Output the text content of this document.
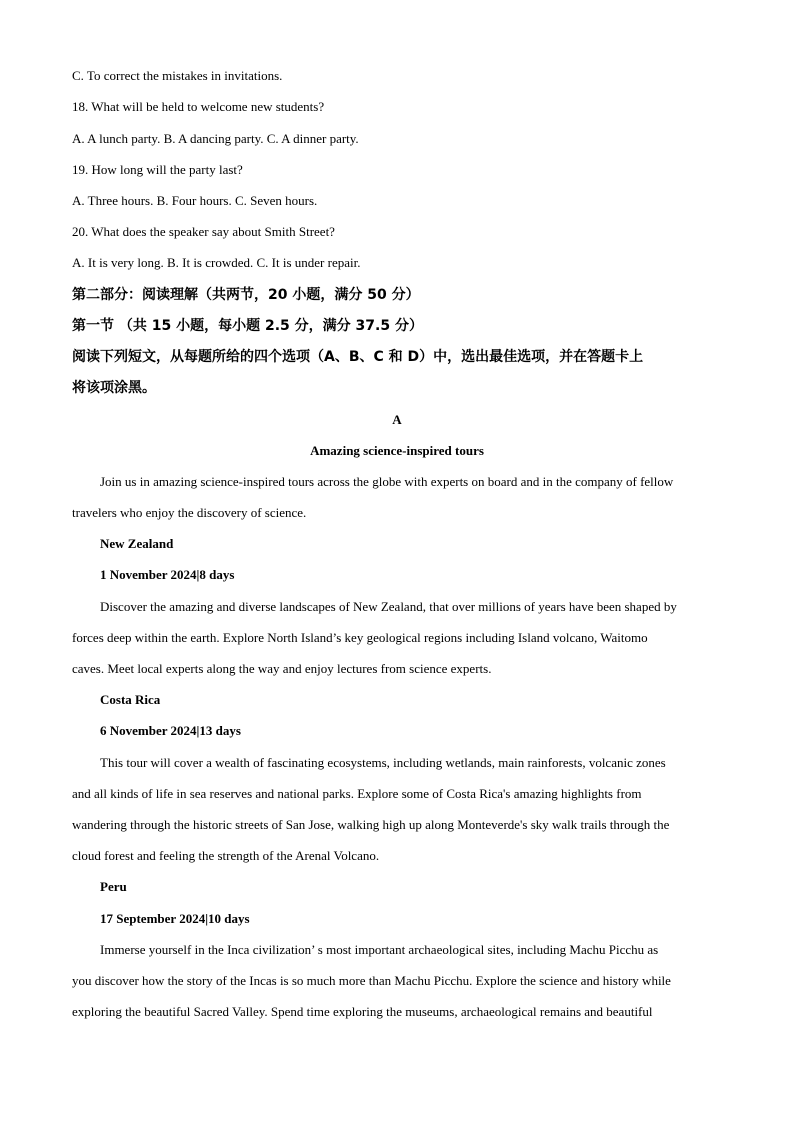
C. To correct the mistakes in invitations.
18. What will be held to welcome new students?
A. A lunch party. B. A dancing party. C. A dinner party.
19. How long will the party last?
A. Three hours. B. Four hours. C. Seven hours.
20. What does the speaker say about Smith Street?
A. It is very long. B. It is crowded. C. It is under repair.
第二部分：阅读理解（共两节，20 小题，满分 50 分）
第一节 （共 15 小题，每小题 2.5 分，满分 37.5 分）
阅读下列短文，从每题所给的四个选项（A、B、C 和 D）中，选出最佳选项，并在答题卡上
将该项涂黑。
A
Amazing science-inspired tours
Join us in amazing science-inspired tours across the globe with experts on board and in the company of fellow
travelers who enjoy the discovery of science.
New Zealand
1 November 2024|8 days
Discover the amazing and diverse landscapes of New Zealand, that over millions of years have been shaped by
forces deep within the earth. Explore North Island’s key geological regions including Island volcano, Waitomo
caves. Meet local experts along the way and enjoy lectures from science experts.
Costa Rica
6 November 2024|13 days
This tour will cover a wealth of fascinating ecosystems, including wetlands, main rainforests, volcanic zones
and all kinds of life in sea reserves and national parks. Explore some of Costa Rica's amazing highlights from
wandering through the historic streets of San Jose, walking high up along Monteverde's sky walk trails through the
cloud forest and feeling the strength of the Arenal Volcano.
Peru
17 September 2024|10 days
Immerse yourself in the Inca civilization’ s most important archaeological sites, including Machu Picchu as
you discover how the story of the Incas is so much more than Machu Picchu. Explore the science and history while
exploring the beautiful Sacred Valley. Spend time exploring the museums, archaeological remains and beautiful
